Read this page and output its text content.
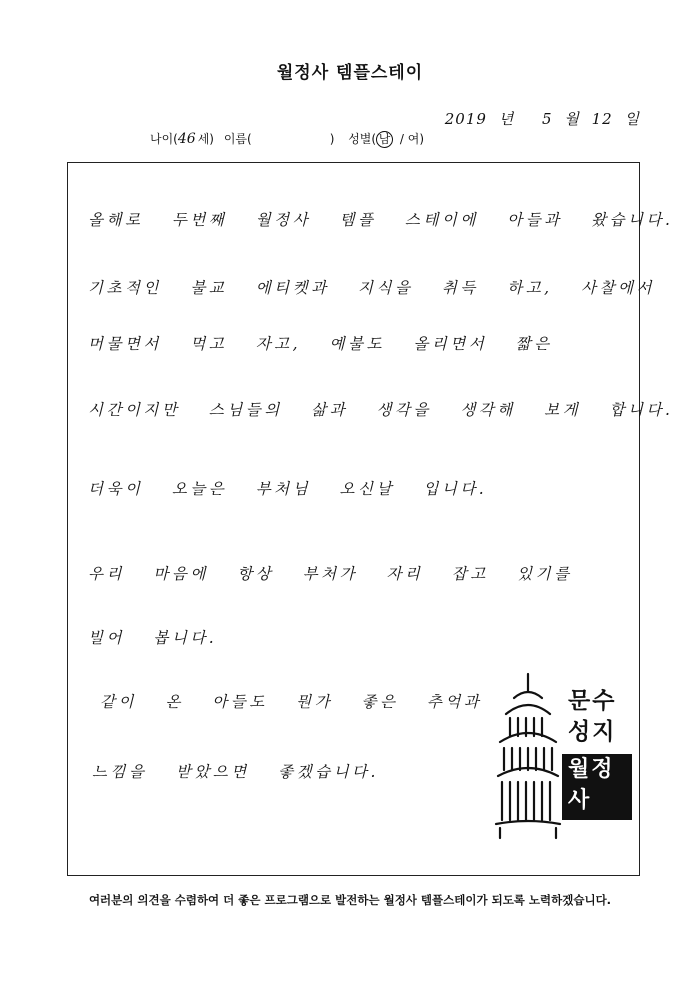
월정사 템플스테이
2019 년 5 월 12 일
나이(46 세) 이름(	) 성별( 남 / 여)
올해로 두번째 월정사 템플 스테이에 아들과 왔습니다.
기초적인 불교 에티켓과 지식을 취득 하고, 사찰에서
머물면서 먹고 자고, 예불도 올리면서 짧은
시간이지만 스님들의 삶과 생각을 생각해 보게 합니다.
더욱이 오늘은 부처님 오신날 입니다.
우리 마음에 항상 부처가 자리 잡고 있기를
빌어 봅니다.
같이 온 아들도 뭔가 좋은 추억과
느낌을 받았으면 좋겠습니다.
문수성지
월정사
여러분의 의견을 수렴하여 더 좋은 프로그램으로 발전하는 월정사 템플스테이가 되도록 노력하겠습니다.
